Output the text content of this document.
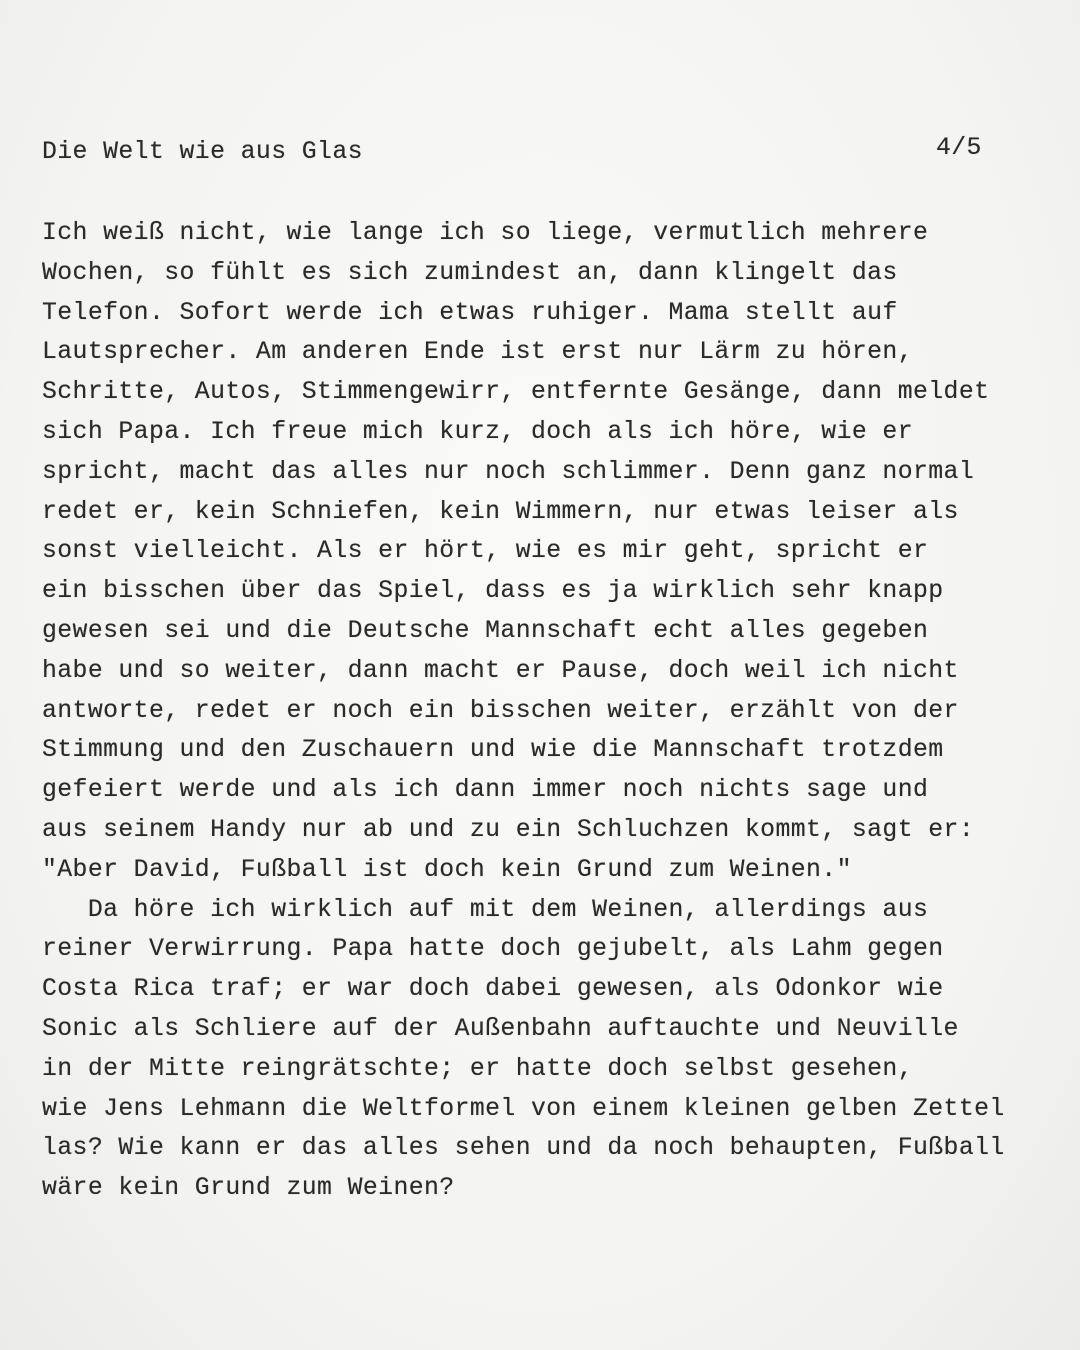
Die Welt wie aus Glas	4/5
Ich weiß nicht, wie lange ich so liege, vermutlich mehrere
Wochen, so fühlt es sich zumindest an, dann klingelt das
Telefon. Sofort werde ich etwas ruhiger. Mama stellt auf
Lautsprecher. Am anderen Ende ist erst nur Lärm zu hören,
Schritte, Autos, Stimmengewirr, entfernte Gesänge, dann meldet
sich Papa. Ich freue mich kurz, doch als ich höre, wie er
spricht, macht das alles nur noch schlimmer. Denn ganz normal
redet er, kein Schniefen, kein Wimmern, nur etwas leiser als
sonst vielleicht. Als er hört, wie es mir geht, spricht er
ein bisschen über das Spiel, dass es ja wirklich sehr knapp
gewesen sei und die Deutsche Mannschaft echt alles gegeben
habe und so weiter, dann macht er Pause, doch weil ich nicht
antworte, redet er noch ein bisschen weiter, erzählt von der
Stimmung und den Zuschauern und wie die Mannschaft trotzdem
gefeiert werde und als ich dann immer noch nichts sage und
aus seinem Handy nur ab und zu ein Schluchzen kommt, sagt er:
"Aber David, Fußball ist doch kein Grund zum Weinen."
Da höre ich wirklich auf mit dem Weinen, allerdings aus
reiner Verwirrung. Papa hatte doch gejubelt, als Lahm gegen
Costa Rica traf; er war doch dabei gewesen, als Odonkor wie
Sonic als Schliere auf der Außenbahn auftauchte und Neuville
in der Mitte reingrätschte; er hatte doch selbst gesehen,
wie Jens Lehmann die Weltformel von einem kleinen gelben Zettel
las? Wie kann er das alles sehen und da noch behaupten, Fußball
wäre kein Grund zum Weinen?
